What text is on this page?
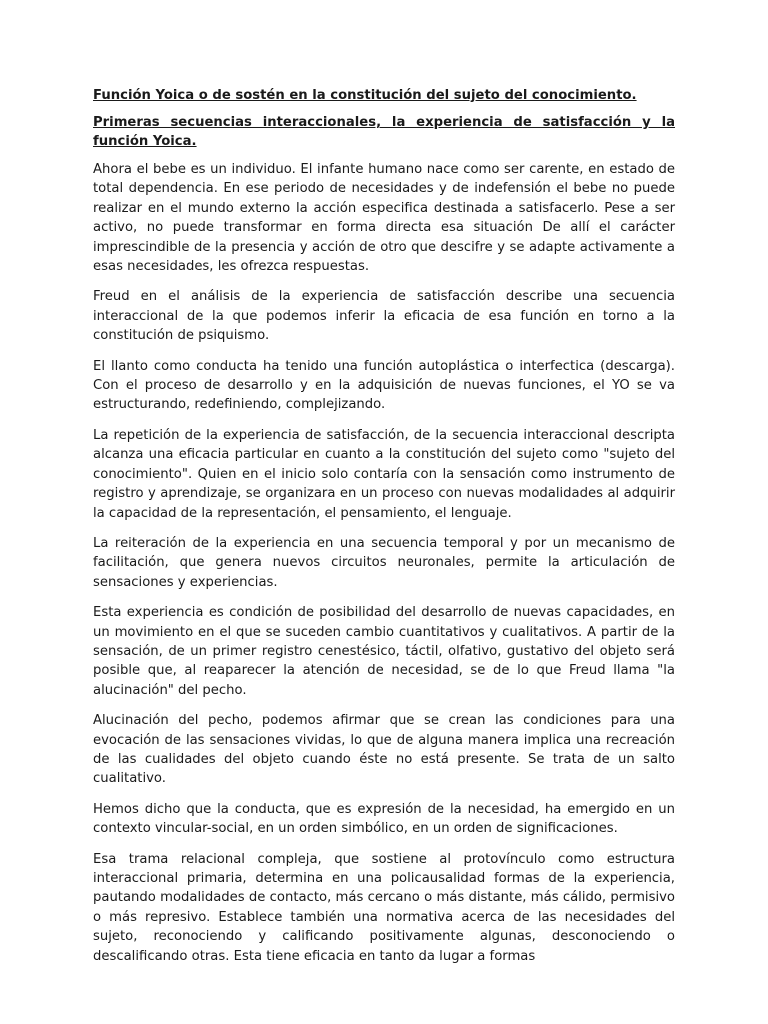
Función Yoica o de sostén en la constitución del sujeto del conocimiento.

Primeras secuencias interaccionales, la experiencia de satisfacción y la función Yoica.

Ahora el bebe es un individuo. El infante humano nace como ser carente, en estado de total dependencia. En ese periodo de necesidades y de indefensión el bebe no puede realizar en el mundo externo la acción especifica destinada a satisfacerlo. Pese a ser activo, no puede transformar en forma directa esa situación De allí el carácter imprescindible de la presencia y acción de otro que descifre y se adapte activamente a esas necesidades, les ofrezca respuestas.

Freud en el análisis de la experiencia de satisfacción describe una secuencia interaccional de la que podemos inferir la eficacia de esa función en torno a la constitución de psiquismo.

El llanto como conducta ha tenido una función autoplástica o interfectica (descarga). Con el proceso de desarrollo y en la adquisición de nuevas funciones, el YO se va estructurando, redefiniendo, complejizando.

La repetición de la experiencia de satisfacción, de la secuencia interaccional descripta alcanza una eficacia particular en cuanto a la constitución del sujeto como "sujeto del conocimiento". Quien en el inicio solo contaría con la sensación como instrumento de registro y aprendizaje, se organizara en un proceso con nuevas modalidades al adquirir la capacidad de la representación, el pensamiento, el lenguaje.

La reiteración de la experiencia en una secuencia temporal y por un mecanismo de facilitación, que genera nuevos circuitos neuronales, permite la articulación de sensaciones y experiencias.

Esta experiencia es condición de posibilidad del desarrollo de nuevas capacidades, en un movimiento en el que se suceden cambio cuantitativos y cualitativos. A partir de la sensación, de un primer registro cenestésico, táctil, olfativo, gustativo del objeto será posible que, al reaparecer la atención de necesidad, se de lo que Freud llama "la alucinación" del pecho.

Alucinación del pecho, podemos afirmar que se crean las condiciones para una evocación de las sensaciones vividas, lo que de alguna manera implica una recreación de las cualidades del objeto cuando éste no está presente. Se trata de un salto cualitativo.

Hemos dicho que la conducta, que es expresión de la necesidad, ha emergido en un contexto vincular-social, en un orden simbólico, en un orden de significaciones.

Esa trama relacional compleja, que sostiene al protovínculo como estructura interaccional primaria, determina en una policausalidad formas de la experiencia, pautando modalidades de contacto, más cercano o más distante, más cálido, permisivo o más represivo. Establece también una normativa acerca de las necesidades del sujeto, reconociendo y calificando positivamente algunas, desconociendo o descalificando otras. Esta tiene eficacia en tanto da lugar a formas
